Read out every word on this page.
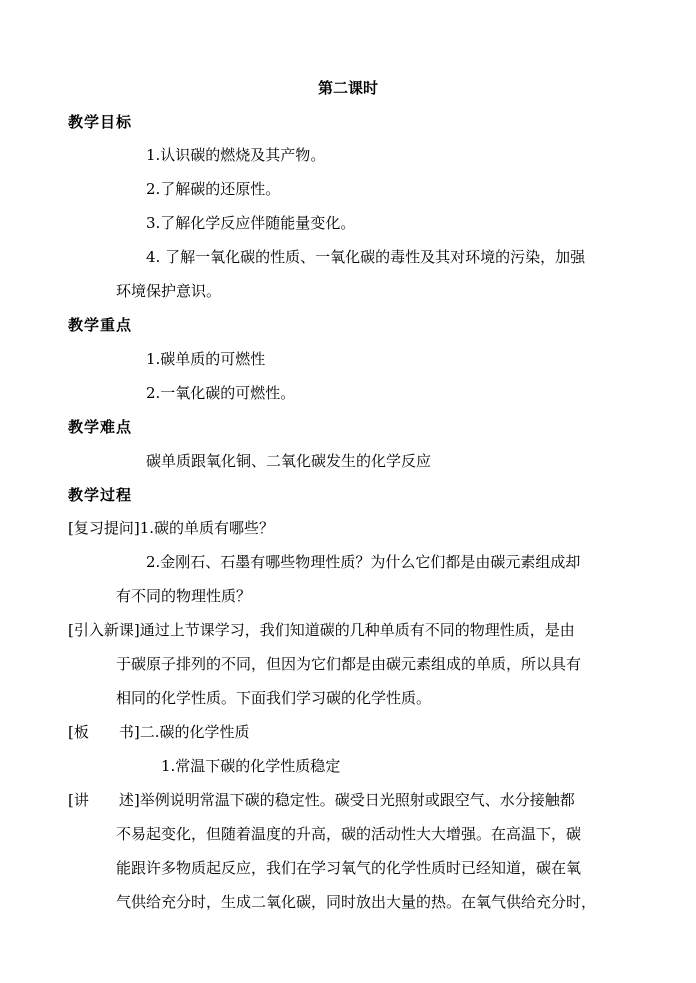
第二课时
教学目标
1.认识碳的燃烧及其产物。
2.了解碳的还原性。
3.了解化学反应伴随能量变化。
4. 了解一氧化碳的性质、一氧化碳的毒性及其对环境的污染，加强
环境保护意识。
教学重点
1.碳单质的可燃性
2.一氧化碳的可燃性。
教学难点
碳单质跟氧化铜、二氧化碳发生的化学反应
教学过程
[复习提问]1.碳的单质有哪些？
2.金刚石、石墨有哪些物理性质？为什么它们都是由碳元素组成却
有不同的物理性质？
[引入新课]通过上节课学习，我们知道碳的几种单质有不同的物理性质，是由
于碳原子排列的不同，但因为它们都是由碳元素组成的单质，所以具有
相同的化学性质。下面我们学习碳的化学性质。
[板　　书]二.碳的化学性质
1.常温下碳的化学性质稳定
[讲　　述]举例说明常温下碳的稳定性。碳受日光照射或跟空气、水分接触都
不易起变化，但随着温度的升高，碳的活动性大大增强。在高温下，碳
能跟许多物质起反应，我们在学习氧气的化学性质时已经知道，碳在氧
气供给充分时，生成二氧化碳，同时放出大量的热。在氧气供给充分时，
